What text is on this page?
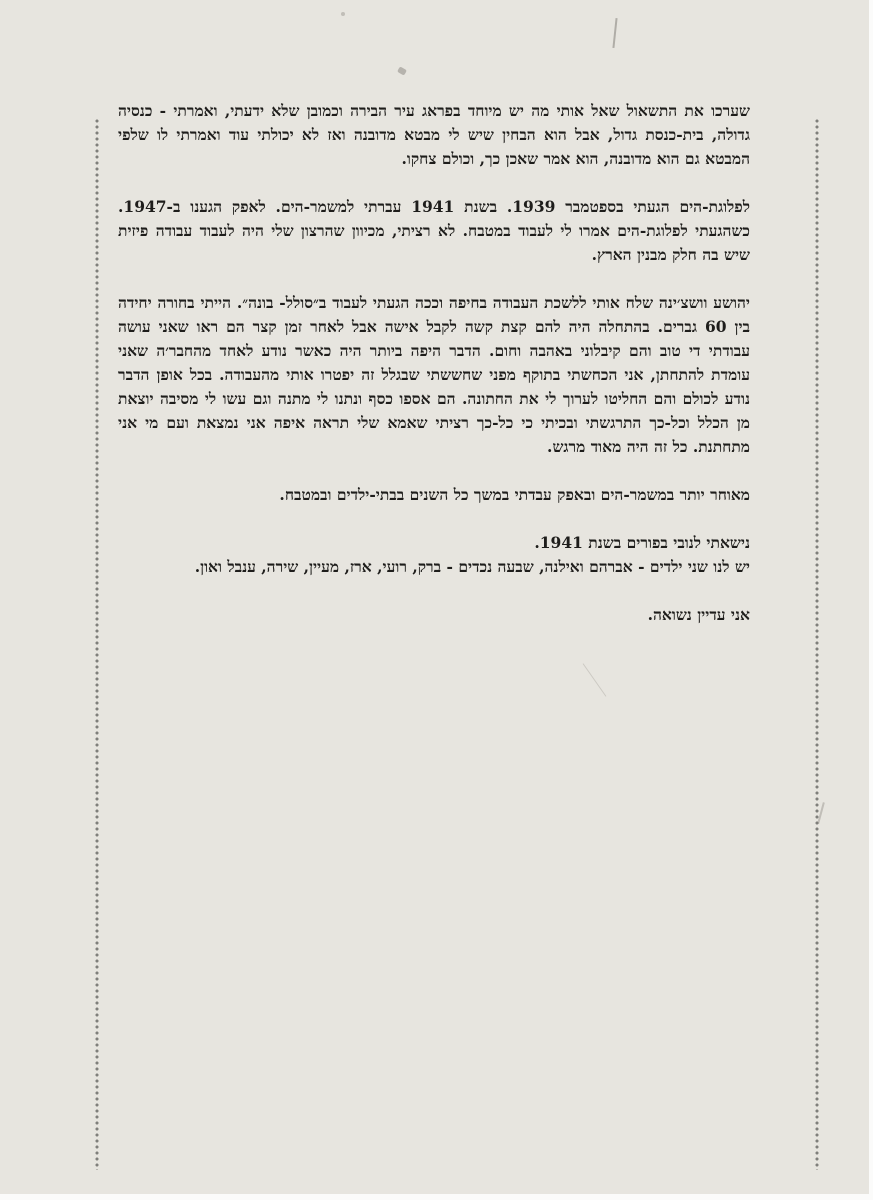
שערכו את התשאול שאל אותי מה יש מיוחד בפראג עיר הבירה וכמובן שלא ידעתי, ואמרתי - כנסיה גדולה, בית-כנסת גדול, אבל הוא הבחין שיש לי מבטא מדובנה ואז לא יכולתי עוד ואמרתי לו שלפי המבטא גם הוא מדובנה, הוא אמר שאכן כך, וכולם צחקו.

לפלוגת-הים הגעתי בספטמבר 1939. בשנת 1941 עברתי למשמר-הים. לאפק הגענו ב-1947. כשהגעתי לפלוגת-הים אמרו לי לעבוד במטבח. לא רציתי, מכיוון שהרצון שלי היה לעבוד עבודה פיזית שיש בה חלק מבנין הארץ.

יהושע וושצ׳ינה שלח אותי ללשכת העבודה בחיפה וככה הגעתי לעבוד ב״סולל- בונה״. הייתי בחורה יחידה בין 60 גברים. בהתחלה היה להם קצת קשה לקבל אישה אבל לאחר זמן קצר הם ראו שאני עושה עבודתי די טוב והם קיבלוני באהבה וחום. הדבר היפה ביותר היה כאשר נודע לאחד מהחבר׳ה שאני עומדת להתחתן, אני הכחשתי בתוקף מפני שחששתי שבגלל זה יפטרו אותי מהעבודה. בכל אופן הדבר נודע לכולם והם החליטו לערוך לי את החתונה. הם אספו כסף ונתנו לי מתנה וגם עשו לי מסיבה יוצאת מן הכלל וכל-כך התרגשתי ובכיתי כי כל-כך רציתי שאמא שלי תראה איפה אני נמצאת ועם מי אני מתחתנת. כל זה היה מאוד מרגש.

מאוחר יותר במשמר-הים ובאפק עבדתי במשך כל השנים בבתי-ילדים ובמטבח.

נישאתי לנובי בפורים בשנת 1941.

יש לנו שני ילדים - אברהם ואילנה, שבעה נכדים - ברק, רועי, ארז, מעיין, שירה, ענבל ואון.

אני עדיין נשואה.
